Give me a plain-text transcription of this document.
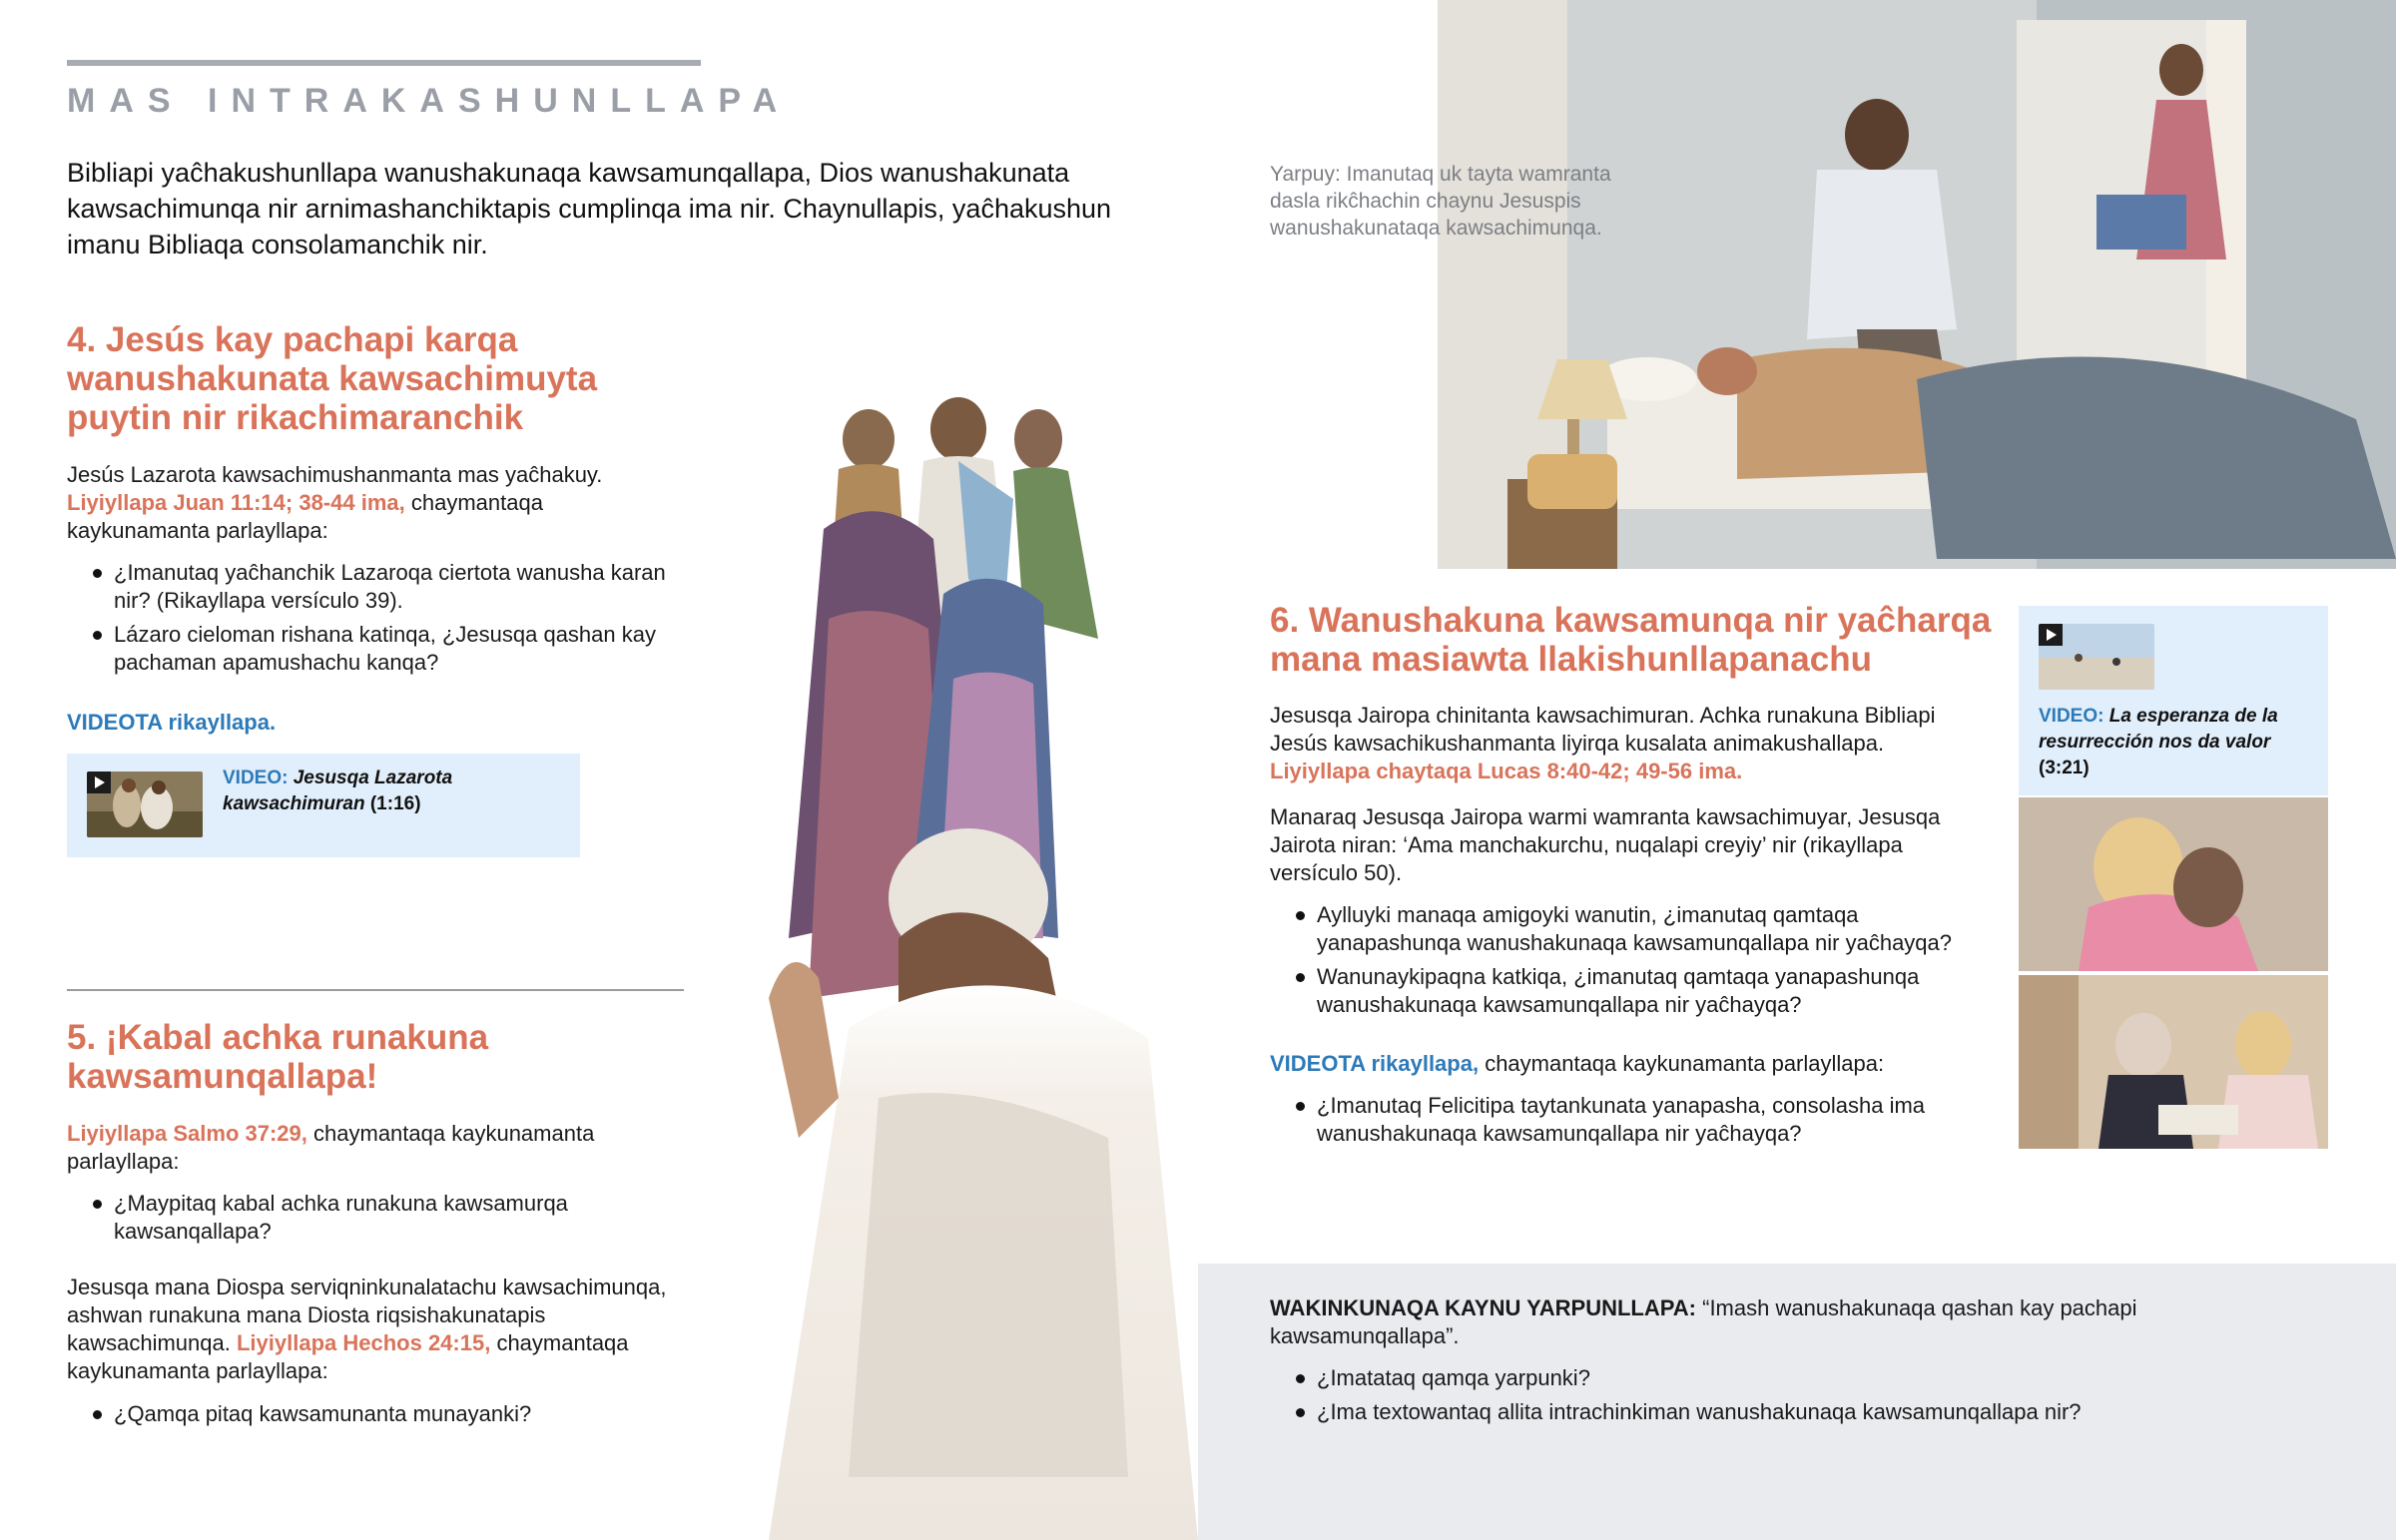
MAS INTRAKASHUNLLAPA

Bibliapi yaĉhakushunllapa wanushakunaqa kawsamunqallapa, Dios wanushakunata kawsachimunqa nir arnimashanchiktapis cumplinqa ima nir. Chaynullapis, yaĉhakushun imanu Bibliaqa consolamanchik nir.

4. Jesús kay pachapi karqa wanushakunata kawsachimuyta puytin nir rikachimaranchik
Jesús Lazarota kawsachimushanmanta mas yaĉhakuy.
Liyiyllapa Juan 11:14; 38-44 ima, chaymantaqa kaykunamanta parlayllapa:
¿Imanutaq yaĉhanchik Lazaroqa ciertota wanusha karan nir? (Rikayllapa versículo 39).
Lázaro cieloman rishana katinqa, ¿Jesusqa qashan kay pachaman apamushachu kanqa?
VIDEOTA rikayllapa.
VIDEO: Jesusqa Lazarota kawsachimuran (1:16)
5. ¡Kabal achka runakuna kawsamunqallapa!
Liyiyllapa Salmo 37:29, chaymantaqa kaykunamanta parlayllapa:
¿Maypitaq kabal achka runakuna kawsamurqa kawsanqallapa?
Jesusqa mana Diospa serviqninkunalatachu kawsachimunqa, ashwan runakuna mana Diosta riqsishakunatapis kawsachimunqa. Liyiyllapa Hechos 24:15, chaymantaqa kaykunamanta parlayllapa:
¿Qamqa pitaq kawsamunanta munayanki?
Yarpuy: Imanutaq uk tayta wamranta dasla rikĉhachin chaynu Jesuspis wanushakunataqa kawsachimunqa.
6. Wanushakuna kawsamunqa nir yaĉharqa mana masiawta llakishunllapanachu
Jesusqa Jairopa chinitanta kawsachimuran. Achka runakuna Bibliapi Jesús kawsachikushanmanta liyirqa kusalata animakushallapa. Liyiyllapa chaytaqa Lucas 8:40-42; 49-56 ima.
Manaraq Jesusqa Jairopa warmi wamranta kawsachimuyar, Jesusqa Jairota niran: ‘Ama manchakurchu, nuqalapi creyiy’ nir (rikayllapa versículo 50).
Aylluyki manaqa amigoyki wanutin, ¿imanutaq qamtaqa yanapashunqa wanushakunaqa kawsamunqallapa nir yaĉhayqa?
Wanunaykipaqna katkiqa, ¿imanutaq qamtaqa yanapashunqa wanushakunaqa kawsamunqallapa nir yaĉhayqa?
VIDEOTA rikayllapa, chaymantaqa kaykunamanta parlayllapa:
¿Imanutaq Felicitipa taytankunata yanapasha, consolasha ima wanushakunaqa kawsamunqallapa nir yaĉhayqa?
VIDEO: La esperanza de la resurrección nos da valor (3:21)
WAKINKUNAQA KAYNU YARPUNLLAPA: “Imash wanushakunaqa qashan kay pachapi kawsamunqallapa”.
¿Imatataq qamqa yarpunki?
¿Ima textowantaq allita intrachinkiman wanushakunaqa kawsamunqallapa nir?
